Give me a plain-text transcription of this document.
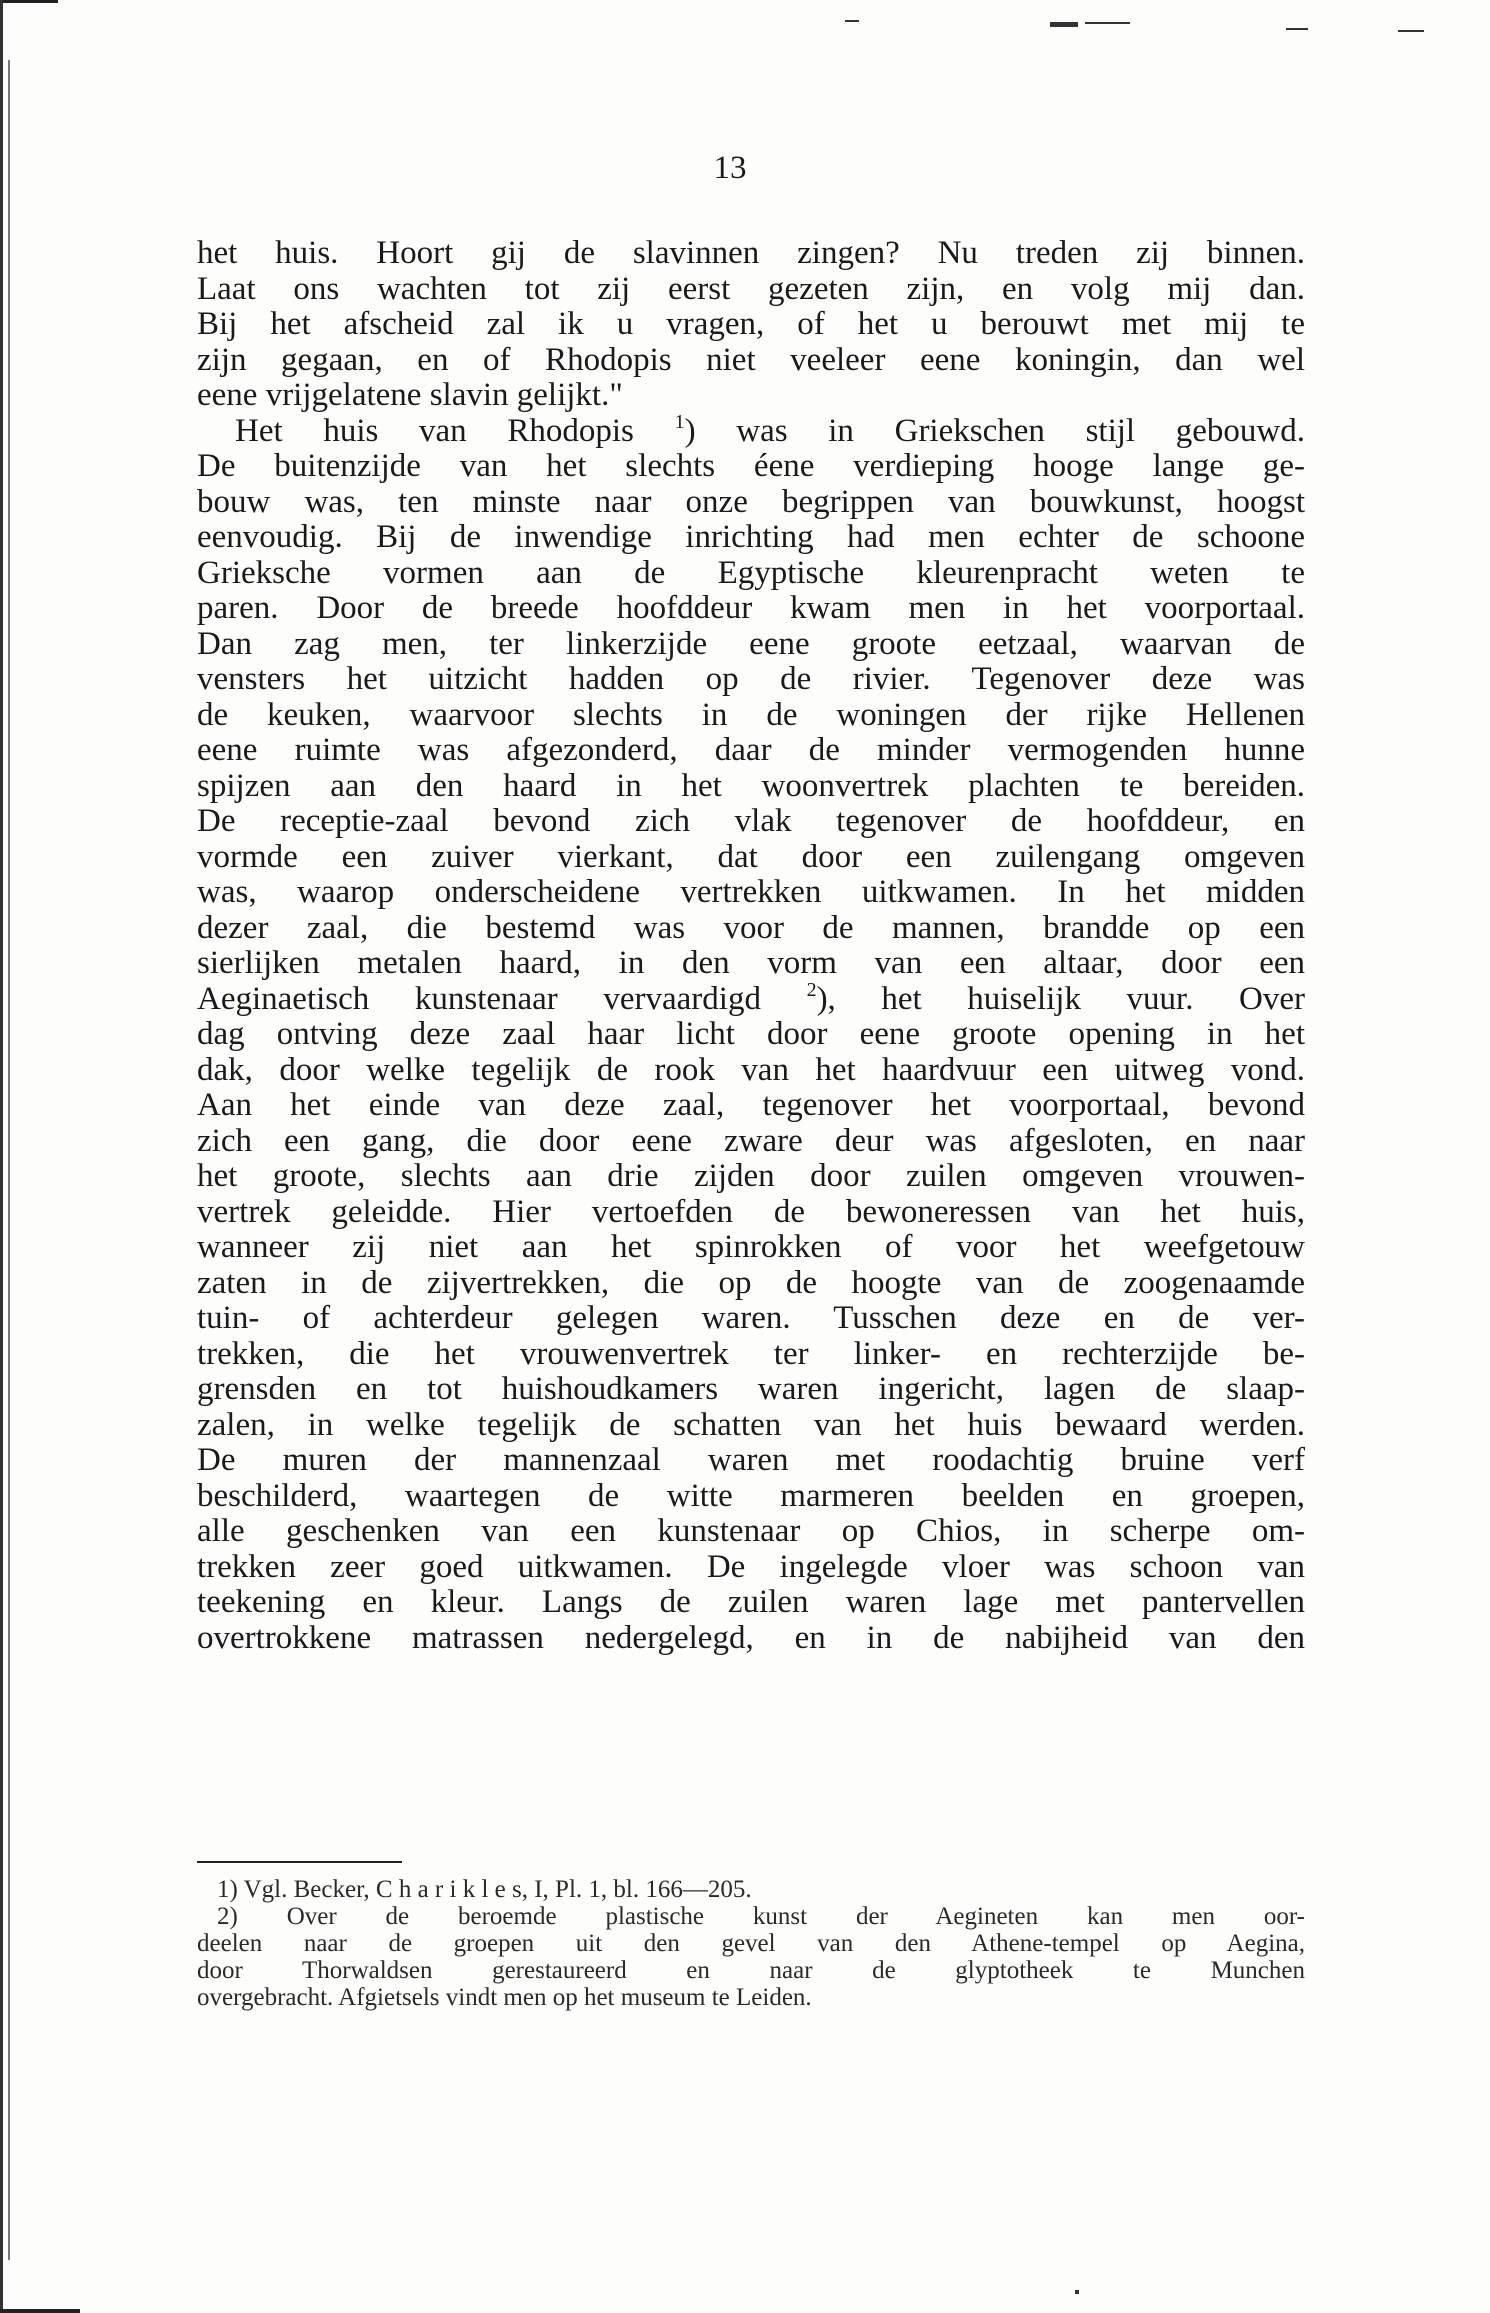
13
het huis. Hoort gij de slavinnen zingen? Nu treden zij binnen.
Laat ons wachten tot zij eerst gezeten zijn, en volg mij dan.
Bij het afscheid zal ik u vragen, of het u berouwt met mij te
zijn gegaan, en of Rhodopis niet veeleer eene koningin, dan wel
eene vrijgelatene slavin gelijkt."
Het huis van Rhodopis $^1$) was in Griekschen stijl gebouwd.
De buitenzijde van het slechts éene verdieping hooge lange ge-
bouw was, ten minste naar onze begrippen van bouwkunst, hoogst
eenvoudig. Bij de inwendige inrichting had men echter de schoone
Grieksche vormen aan de Egyptische kleurenpracht weten te
paren. Door de breede hoofddeur kwam men in het voorportaal.
Dan zag men, ter linkerzijde eene groote eetzaal, waarvan de
vensters het uitzicht hadden op de rivier. Tegenover deze was
de keuken, waarvoor slechts in de woningen der rijke Hellenen
eene ruimte was afgezonderd, daar de minder vermogenden hunne
spijzen aan den haard in het woonvertrek plachten te bereiden.
De receptie-zaal bevond zich vlak tegenover de hoofddeur, en
vormde een zuiver vierkant, dat door een zuilengang omgeven
was, waarop onderscheidene vertrekken uitkwamen. In het midden
dezer zaal, die bestemd was voor de mannen, brandde op een
sierlijken metalen haard, in den vorm van een altaar, door een
Aeginaetisch kunstenaar vervaardigd $^2$), het huiselijk vuur. Over
dag ontving deze zaal haar licht door eene groote opening in het
dak, door welke tegelijk de rook van het haardvuur een uitweg vond.
Aan het einde van deze zaal, tegenover het voorportaal, bevond
zich een gang, die door eene zware deur was afgesloten, en naar
het groote, slechts aan drie zijden door zuilen omgeven vrouwen-
vertrek geleidde. Hier vertoefden de bewoneressen van het huis,
wanneer zij niet aan het spinrokken of voor het weefgetouw
zaten in de zijvertrekken, die op de hoogte van de zoogenaamde
tuin- of achterdeur gelegen waren. Tusschen deze en de ver-
trekken, die het vrouwenvertrek ter linker- en rechterzijde be-
grensden en tot huishoudkamers waren ingericht, lagen de slaap-
zalen, in welke tegelijk de schatten van het huis bewaard werden.
De muren der mannenzaal waren met roodachtig bruine verf
beschilderd, waartegen de witte marmeren beelden en groepen,
alle geschenken van een kunstenaar op Chios, in scherpe om-
trekken zeer goed uitkwamen. De ingelegde vloer was schoon van
teekening en kleur. Langs de zuilen waren lage met pantervellen
overtrokkene matrassen nedergelegd, en in de nabijheid van den
1) Vgl. Becker, C h a r i k l e s, I, Pl. 1, bl. 166—205.
2) Over de beroemde plastische kunst der Aegineten kan men oor-
deelen naar de groepen uit den gevel van den Athene-tempel op Aegina,
door Thorwaldsen gerestaureerd en naar de glyptotheek te Munchen
overgebracht. Afgietsels vindt men op het museum te Leiden.
